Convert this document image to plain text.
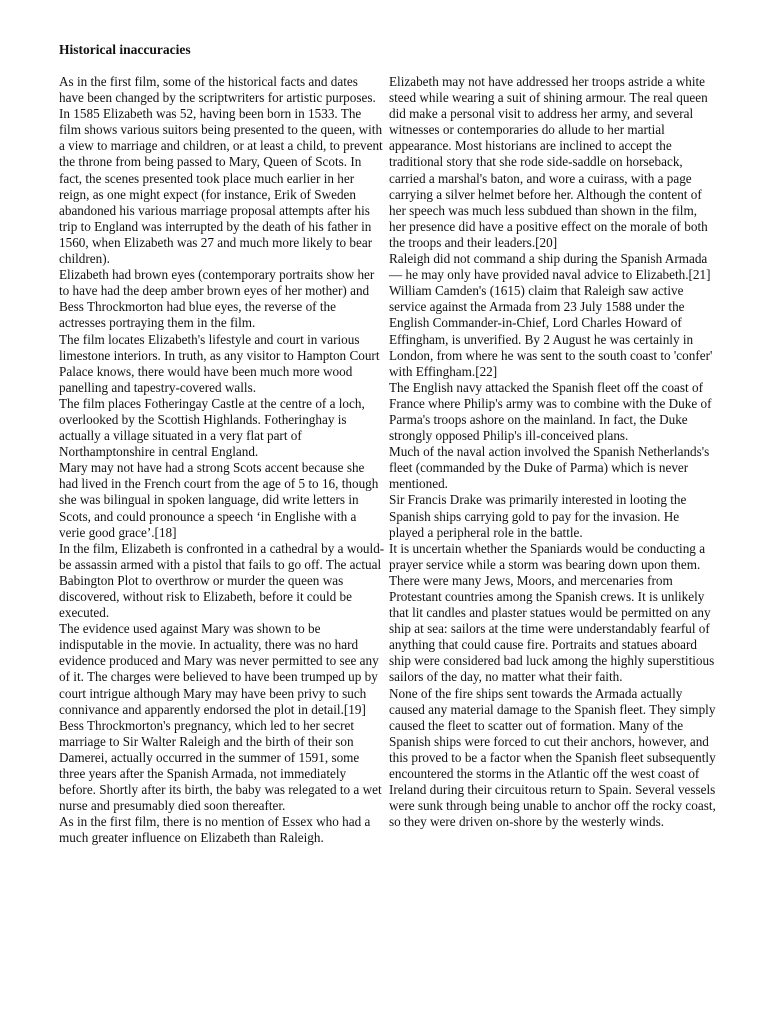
Historical inaccuracies

As in the first film, some of the historical facts and dates have been changed by the scriptwriters for artistic purposes.

In 1585 Elizabeth was 52, having been born in 1533. The film shows various suitors being presented to the queen, with a view to marriage and children, or at least a child, to prevent the throne from being passed to Mary, Queen of Scots. In fact, the scenes presented took place much earlier in her reign, as one might expect (for instance, Erik of Sweden abandoned his various marriage proposal attempts after his trip to England was interrupted by the death of his father in 1560, when Elizabeth was 27 and much more likely to bear children).

Elizabeth had brown eyes (contemporary portraits show her to have had the deep amber brown eyes of her mother) and Bess Throckmorton had blue eyes, the reverse of the actresses portraying them in the film.

The film locates Elizabeth's lifestyle and court in various limestone interiors. In truth, as any visitor to Hampton Court Palace knows, there would have been much more wood panelling and tapestry-covered walls.

The film places Fotheringay Castle at the centre of a loch, overlooked by the Scottish Highlands. Fotheringhay is actually a village situated in a very flat part of Northamptonshire in central England.

Mary may not have had a strong Scots accent because she had lived in the French court from the age of 5 to 16, though she was bilingual in spoken language, did write letters in Scots, and could pronounce a speech ‘in Englishe with a verie good grace’.[18]

In the film, Elizabeth is confronted in a cathedral by a would-be assassin armed with a pistol that fails to go off. The actual Babington Plot to overthrow or murder the queen was discovered, without risk to Elizabeth, before it could be executed.

The evidence used against Mary was shown to be indisputable in the movie. In actuality, there was no hard evidence produced and Mary was never permitted to see any of it. The charges were believed to have been trumped up by court intrigue although Mary may have been privy to such connivance and apparently endorsed the plot in detail.[19]

Bess Throckmorton's pregnancy, which led to her secret marriage to Sir Walter Raleigh and the birth of their son Damerei, actually occurred in the summer of 1591, some three years after the Spanish Armada, not immediately before. Shortly after its birth, the baby was relegated to a wet nurse and presumably died soon thereafter.

As in the first film, there is no mention of Essex who had a much greater influence on Elizabeth than Raleigh.

Elizabeth may not have addressed her troops astride a white steed while wearing a suit of shining armour. The real queen did make a personal visit to address her army, and several witnesses or contemporaries do allude to her martial appearance. Most historians are inclined to accept the traditional story that she rode side-saddle on horseback, carried a marshal's baton, and wore a cuirass, with a page carrying a silver helmet before her. Although the content of her speech was much less subdued than shown in the film, her presence did have a positive effect on the morale of both the troops and their leaders.[20]

Raleigh did not command a ship during the Spanish Armada — he may only have provided naval advice to Elizabeth.[21] William Camden's (1615) claim that Raleigh saw active service against the Armada from 23 July 1588 under the English Commander-in-Chief, Lord Charles Howard of Effingham, is unverified. By 2 August he was certainly in London, from where he was sent to the south coast to 'confer' with Effingham.[22]

The English navy attacked the Spanish fleet off the coast of France where Philip's army was to combine with the Duke of Parma's troops ashore on the mainland. In fact, the Duke strongly opposed Philip's ill-conceived plans.

Much of the naval action involved the Spanish Netherlands's fleet (commanded by the Duke of Parma) which is never mentioned.

Sir Francis Drake was primarily interested in looting the Spanish ships carrying gold to pay for the invasion. He played a peripheral role in the battle.

It is uncertain whether the Spaniards would be conducting a prayer service while a storm was bearing down upon them. There were many Jews, Moors, and mercenaries from Protestant countries among the Spanish crews. It is unlikely that lit candles and plaster statues would be permitted on any ship at sea: sailors at the time were understandably fearful of anything that could cause fire. Portraits and statues aboard ship were considered bad luck among the highly superstitious sailors of the day, no matter what their faith.

None of the fire ships sent towards the Armada actually caused any material damage to the Spanish fleet. They simply caused the fleet to scatter out of formation. Many of the Spanish ships were forced to cut their anchors, however, and this proved to be a factor when the Spanish fleet subsequently encountered the storms in the Atlantic off the west coast of Ireland during their circuitous return to Spain. Several vessels were sunk through being unable to anchor off the rocky coast, so they were driven on-shore by the westerly winds.
